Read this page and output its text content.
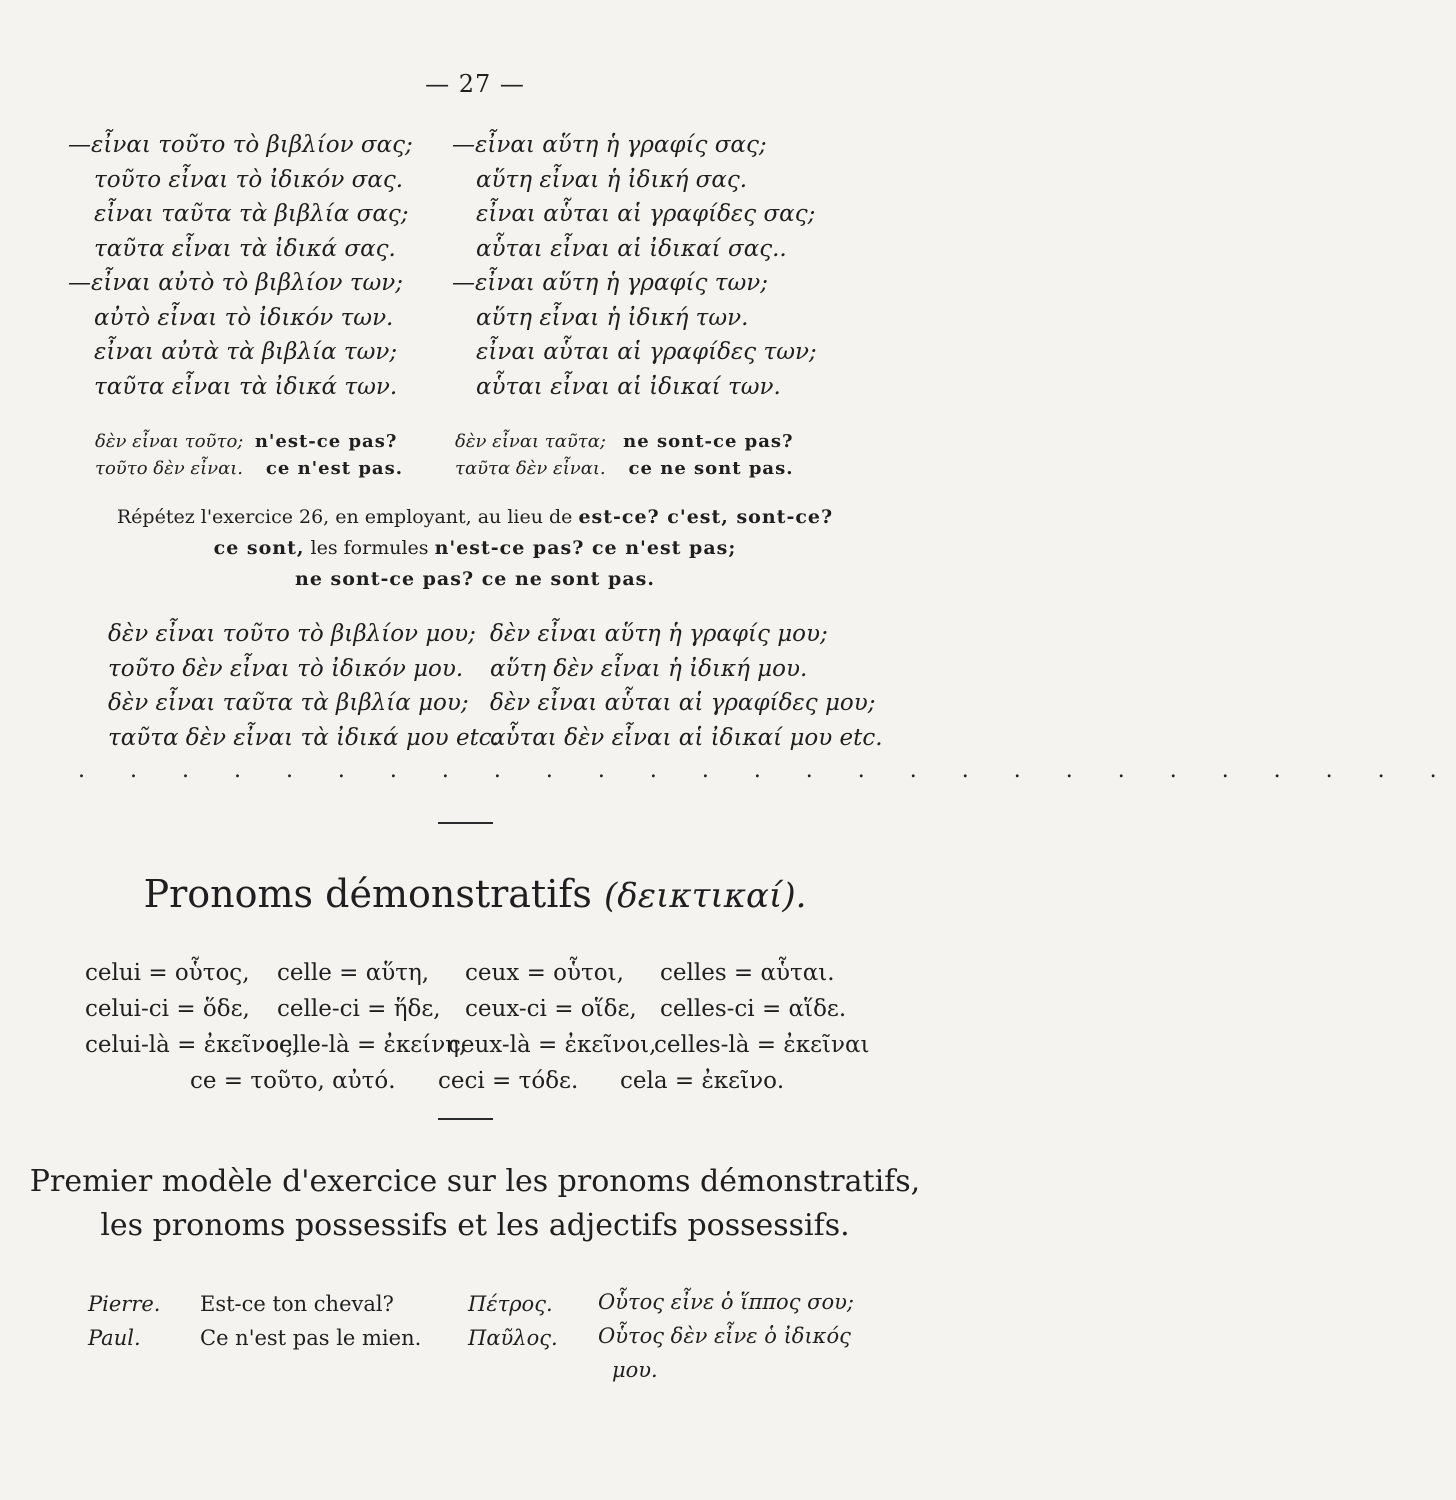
— 27 —
—εἶναι τοῦτο τὸ βιβλίον σας;
τοῦτο εἶναι τὸ ἰδικόν σας.
εἶναι ταῦτα τὰ βιβλία σας;
ταῦτα εἶναι τὰ ἰδικά σας.
—εἶναι αὐτὸ τὸ βιβλίον των;
αὐτὸ εἶναι τὸ ἰδικόν των.
εἶναι αὐτὰ τὰ βιβλία των;
ταῦτα εἶναι τὰ ἰδικά των.
—εἶναι αὕτη ἡ γραφίς σας;
αὕτη εἶναι ἡ ἰδική σας.
εἶναι αὗται αἱ γραφίδες σας;
αὗται εἶναι αἱ ἰδικαί σας..
—εἶναι αὕτη ἡ γραφίς των;
αὕτη εἶναι ἡ ἰδική των.
εἶναι αὗται αἱ γραφίδες των;
αὗται εἶναι αἱ ἰδικαί των.
δὲν εἶναι τοῦτο; n'est-ce pas?
τοῦτο δὲν εἶναι. ce n'est pas.
δὲν εἶναι ταῦτα; ne sont-ce pas?
ταῦτα δὲν εἶναι. ce ne sont pas.
Répétez l'exercice 26, en employant, au lieu de est-ce? c'est, sont-ce?
ce sont, les formules n'est-ce pas? ce n'est pas;
ne sont-ce pas? ce ne sont pas.
δὲν εἶναι τοῦτο τὸ βιβλίον μου;
τοῦτο δὲν εἶναι τὸ ἰδικόν μου.
δὲν εἶναι ταῦτα τὰ βιβλία μου;
ταῦτα δὲν εἶναι τὰ ἰδικά μου etc.
δὲν εἶναι αὕτη ἡ γραφίς μου;
αὕτη δὲν εἶναι ἡ ἰδική μου.
δὲν εἶναι αὗται αἱ γραφίδες μου;
αὗται δὲν εἶναι αἱ ἰδικαί μου etc.
. . . . . . . . . . . . . . . . . . . . . . . . . . .
Pronoms démonstratifs (δεικτικαί).
celui = οὗτος, celle = αὕτη, ceux = οὗτοι, celles = αὗται.
celui-ci = ὅδε, celle-ci = ἥδε, ceux-ci = οἵδε, celles-ci = αἵδε.
celui-là = ἐκεῖνος,
celle-là = ἐκείνη,
ceux-là = ἐκεῖνοι,
celles-là = ἐκεῖναι
ce = τοῦτο, αὐτό. ceci = τόδε. cela = ἐκεῖνο.
Premier modèle d'exercice sur les pronoms démonstratifs,
les pronoms possessifs et les adjectifs possessifs.
Pierre. Est-ce ton cheval?	Πέτρος. Οὗτος εἶνε ὁ ἵππος σου;
Paul.	Ce n'est pas le mien. Παῦλος. Οὗτος δὲν εἶνε ὁ ἰδικός
μου.
